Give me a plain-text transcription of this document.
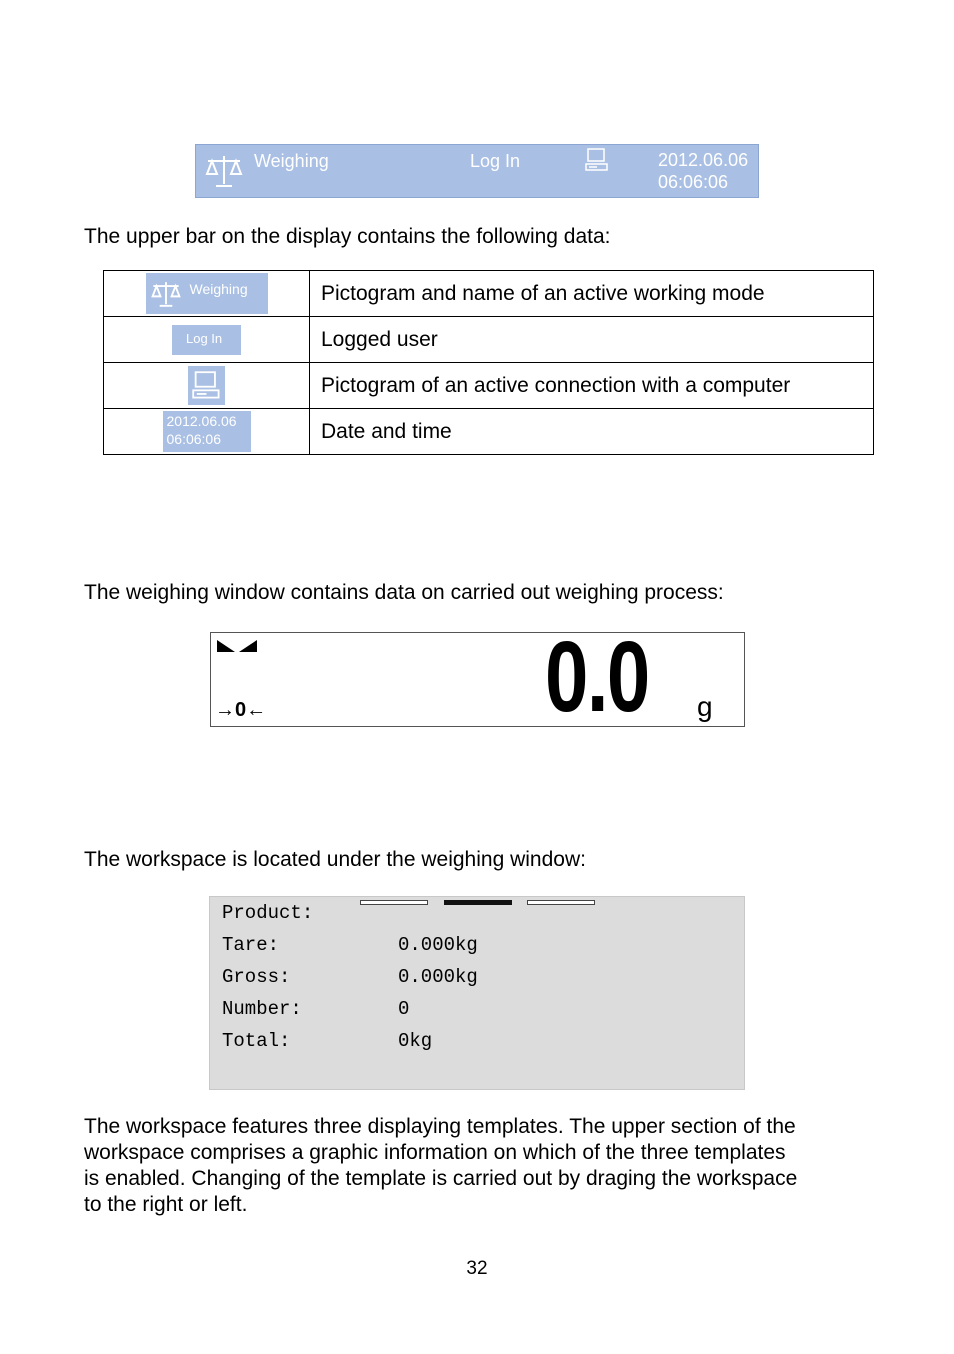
Weighing	Log In	2012.06.06
06:06:06
The upper bar on the display contains the following data:
Weighing	Pictogram and name of an active working mode

Log In	Logged user

	Pictogram of an active connection with a computer

2012.06.06
06:06:06	Date and time
The weighing window contains data on carried out weighing process:
→0←	0.0 g
The workspace is located under the weighing window:
Product:
Tare:	0.000kg
Gross:	0.000kg
Number:	0
Total:	0kg
The workspace features three displaying templates. The upper section of the
workspace comprises a graphic information on which of the three templates
is enabled. Changing of the template is carried out by draging the workspace
to the right or left.
32
